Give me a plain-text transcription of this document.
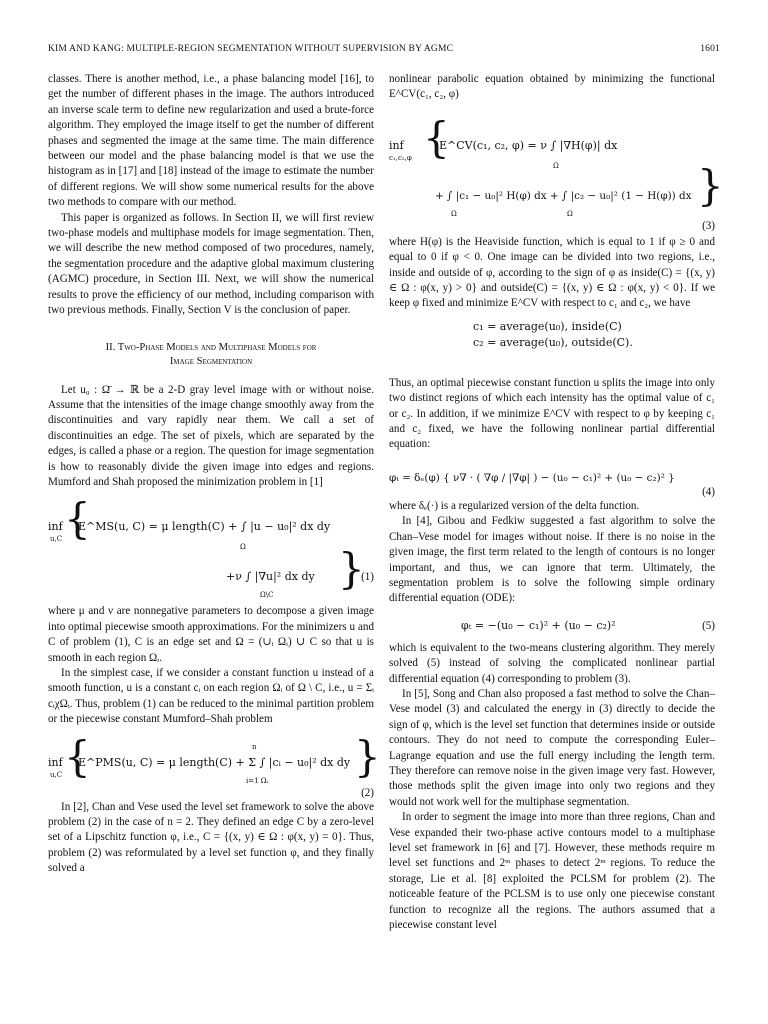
KIM AND KANG: MULTIPLE-REGION SEGMENTATION WITHOUT SUPERVISION BY AGMC	1601

classes. There is another method, i.e., a phase balancing model [16], to get the number of different phases in the image. The authors introduced an inverse scale term to define new regularization and used a brute-force algorithm. They employed the image itself to get the number of different phases and segmented the image at the same time. The main difference between our model and the phase balancing model is that we use the histogram as in [17] and [18] instead of the image to estimate the number of different regions. We will show some numerical results for the above two methods to compare with our method.

This paper is organized as follows. In Section II, we will first review two-phase models and multiphase models for image segmentation. Then, we will describe the new method composed of two procedures, namely, the segmentation procedure and the adaptive global maximum clustering (AGMC) procedure, in Section III. Next, we will show the numerical results to prove the efficiency of our method, including comparison with two previous methods. Finally, Section V is the conclusion of paper.

II. Two-Phase Models and Multiphase Models for
Image Segmentation

Let u₀ : Ω̄ → ℝ be a 2-D gray level image with or without noise. Assume that the intensities of the image change smoothly away from the discontinuities and vary rapidly near them. We call a set of discontinuities an edge. The set of pixels, which are separated by the edges, is called a phase or a region. The question for image segmentation is how to reasonably divide the given image into edges and regions. Mumford and Shah proposed the minimization problem in [1]

inf
u,C {
E^MS(u, C) = μ length(C) + ∫ |u − u₀|² dx dy
Ω
+ν ∫ |∇u|² dx dy
Ω\C
}
(1)

where μ and ν are nonnegative parameters to decompose a given image into optimal piecewise smooth approximations. For the minimizers u and C of problem (1), C is an edge set and Ω = (∪ᵢ Ωᵢ) ∪ C so that u is smooth in each region Ωᵢ.

In the simplest case, if we consider a constant function u instead of a smooth function, u is a constant cᵢ on each region Ωᵢ of Ω \ C, i.e., u = Σᵢ cᵢχΩᵢ. Thus, problem (1) can be reduced to the minimal partition problem or the piecewise constant Mumford–Shah problem

inf
u,C {
E^PMS(u, C) = μ length(C) + Σ ∫ |cᵢ − u₀|² dx dy
n
i=1 Ωᵢ }
(2)

In [2], Chan and Vese used the level set framework to solve the above problem (2) in the case of n = 2. They defined an edge C by a zero-level set of a Lipschitz function φ, i.e., C = {(x, y) ∈ Ω : φ(x, y) = 0}. Thus, problem (2) was reformulated by a level set function φ, and they finally solved a

nonlinear parabolic equation obtained by minimizing the functional E^CV(c₁, c₂, φ)

inf
c₁,c₂,φ {
E^CV(c₁, c₂, φ) = ν ∫ |∇H(φ)| dx
Ω
+ ∫ |c₁ − u₀|² H(φ) dx + ∫ |c₂ − u₀|² (1 − H(φ)) dx
Ω	Ω
}
(3)

where H(φ) is the Heaviside function, which is equal to 1 if φ ≥ 0 and equal to 0 if φ < 0. One image can be divided into two regions, i.e., inside and outside of φ, according to the sign of φ as inside(C) = {(x, y) ∈ Ω : φ(x, y) > 0} and outside(C) = {(x, y) ∈ Ω : φ(x, y) < 0}. If we keep φ fixed and minimize E^CV with respect to c₁ and c₂, we have

c₁ = average(u₀), inside(C)
c₂ = average(u₀), outside(C).

Thus, an optimal piecewise constant function u splits the image into only two distinct regions of which each intensity has the optimal value of c₁ or c₂. In addition, if we minimize E^CV with respect to φ by keeping c₁ and c₂ fixed, we have the following nonlinear partial differential equation:

φₜ = δₑ(φ) { ν∇ · ( ∇φ / |∇φ| ) − (u₀ − c₁)² + (u₀ − c₂)² }
(4)

where δₑ(·) is a regularized version of the delta function.

In [4], Gibou and Fedkiw suggested a fast algorithm to solve the Chan–Vese model for images without noise. If there is no noise in the given image, the first term related to the length of contours is no longer important, and thus, we can ignore that term. Ultimately, the segmentation problem is to solve the following simple ordinary differential equation (ODE):

φₜ = −(u₀ − c₁)² + (u₀ − c₂)²	(5)

which is equivalent to the two-means clustering algorithm. They merely solved (5) instead of solving the complicated nonlinear partial differential equation (4) corresponding to problem (3).

In [5], Song and Chan also proposed a fast method to solve the Chan–Vese model (3) and calculated the energy in (3) directly to decide the sign of φ, which is the level set function that determines inside or outside contours. They do not need to compute the corresponding Euler–Lagrange equation and use the full energy including the length term. They therefore can remove noise in the given image very fast. However, those methods split the given image into only two regions and they would not work well for the multiphase segmentation.

In order to segment the image into more than three regions, Chan and Vese expanded their two-phase active contours model to a multiphase level set framework in [6] and [7]. However, these methods require m level set functions and 2ᵐ phases to detect 2ᵐ regions. To reduce the storage, Lie et al. [8] exploited the PCLSM for problem (2). The noticeable feature of the PCLSM is to use only one piecewise constant function to recognize all the regions. The authors assumed that a piecewise constant level
